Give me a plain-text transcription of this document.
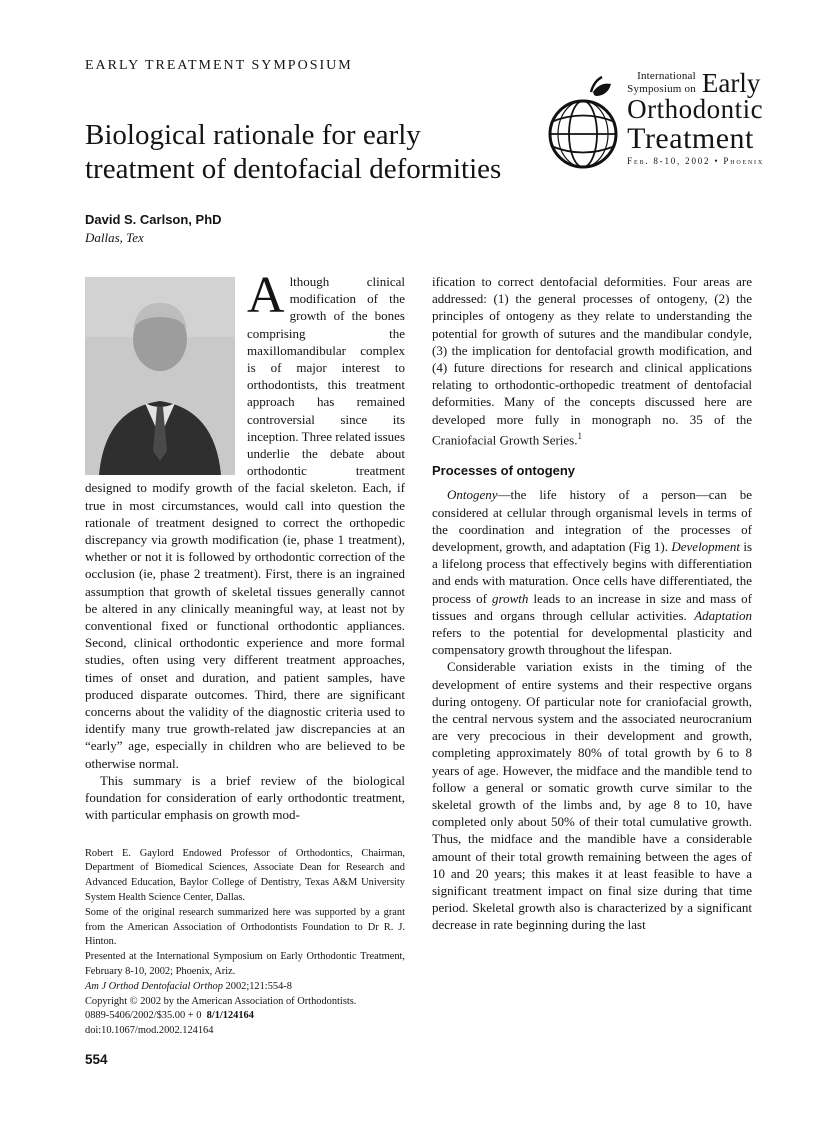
EARLY TREATMENT SYMPOSIUM
International
Symposium on Early
Orthodontic
Treatment
Feb. 8-10, 2002 • Phoenix
Biological rationale for early
treatment of dentofacial deformities
David S. Carlson, PhD
Dallas, Tex

Although clinical modification of the growth of the bones comprising the maxillomandibular complex is of major interest to orthodontists, this treatment approach has remained controversial since its inception. Three related issues underlie the debate about orthodontic treatment designed to modify growth of the facial skeleton. Each, if true in most circumstances, would call into question the rationale of treatment designed to correct the orthopedic discrepancy via growth modification (ie, phase 1 treatment), whether or not it is followed by orthodontic correction of the occlusion (ie, phase 2 treatment). First, there is an ingrained assumption that growth of skeletal tissues generally cannot be altered in any clinically meaningful way, at least not by conventional fixed or functional orthodontic appliances. Second, clinical orthodontic experience and more formal studies, often using very different treatment approaches, times of onset and duration, and patient samples, have produced disparate outcomes. Third, there are significant concerns about the validity of the diagnostic criteria used to identify many true growth-related jaw discrepancies at an “early” age, especially in children who are believed to be otherwise normal.

This summary is a brief review of the biological foundation for consideration of early orthodontic treatment, with particular emphasis on growth mod-

Robert E. Gaylord Endowed Professor of Orthodontics, Chairman, Department of Biomedical Sciences, Associate Dean for Research and Advanced Education, Baylor College of Dentistry, Texas A&M University System Health Science Center, Dallas.

Some of the original research summarized here was supported by a grant from the American Association of Orthodontists Foundation to Dr R. J. Hinton.

Presented at the International Symposium on Early Orthodontic Treatment, February 8-10, 2002; Phoenix, Ariz.

Am J Orthod Dentofacial Orthop 2002;121:554-8

Copyright © 2002 by the American Association of Orthodontists.

0889-5406/2002/$35.00 + 0  8/1/124164

doi:10.1067/mod.2002.124164

554

ification to correct dentofacial deformities. Four areas are addressed: (1) the general processes of ontogeny, (2) the principles of ontogeny as they relate to understanding the potential for growth of sutures and the mandibular condyle, (3) the implication for dentofacial growth modification, and (4) future directions for research and clinical applications relating to orthodontic-orthopedic treatment of dentofacial deformities. Many of the concepts discussed here are developed more fully in monograph no. 35 of the Craniofacial Growth Series.$^1$

Processes of ontogeny

Ontogeny—the life history of a person—can be considered at cellular through organismal levels in terms of the coordination and integration of the processes of development, growth, and adaptation (Fig 1). Development is a lifelong process that effectively begins with differentiation and ends with maturation. Once cells have differentiated, the process of growth leads to an increase in size and mass of tissues and organs through cellular activities. Adaptation refers to the potential for developmental plasticity and compensatory growth throughout the lifespan.

Considerable variation exists in the timing of the development of entire systems and their respective organs during ontogeny. Of particular note for craniofacial growth, the central nervous system and the associated neurocranium are very precocious in their development and growth, completing approximately 80% of total growth by 6 to 8 years of age. However, the midface and the mandible tend to follow a general or somatic growth curve similar to the skeletal growth of the limbs and, by age 8 to 10, have completed only about 50% of their total cumulative growth. Thus, the midface and the mandible have a considerable amount of their total growth remaining between the ages of 10 and 20 years; this makes it at least feasible to have a significant treatment impact on final size during that time period. Skeletal growth also is characterized by a significant decrease in rate beginning during the last
